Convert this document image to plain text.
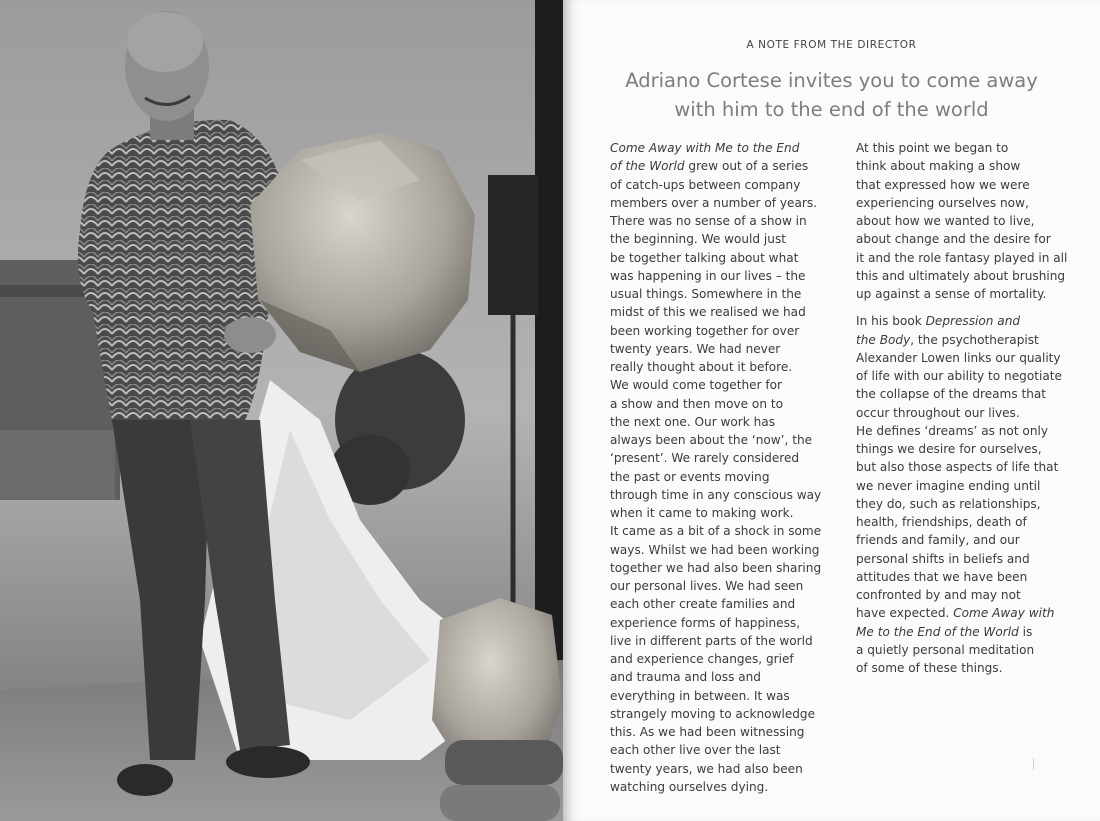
A NOTE FROM THE DIRECTOR
Adriano Cortese invites you to come away
with him to the end of the world

Come Away with Me to the End
of the World grew out of a series
of catch-ups between company
members over a number of years.
There was no sense of a show in
the beginning. We would just
be together talking about what
was happening in our lives – the
usual things. Somewhere in the
midst of this we realised we had
been working together for over
twenty years. We had never
really thought about it before.
We would come together for
a show and then move on to
the next one. Our work has
always been about the ‘now’, the
‘present’. We rarely considered
the past or events moving
through time in any conscious way
when it came to making work.
It came as a bit of a shock in some
ways. Whilst we had been working
together we had also been sharing
our personal lives. We had seen
each other create families and
experience forms of happiness,
live in different parts of the world
and experience changes, grief
and trauma and loss and
everything in between. It was
strangely moving to acknowledge
this. As we had been witnessing
each other live over the last
twenty years, we had also been
watching ourselves dying.

At this point we began to
think about making a show
that expressed how we were
experiencing ourselves now,
about how we wanted to live,
about change and the desire for
it and the role fantasy played in all
this and ultimately about brushing
up against a sense of mortality.

In his book Depression and
the Body, the psychotherapist
Alexander Lowen links our quality
of life with our ability to negotiate
the collapse of the dreams that
occur throughout our lives.
He defines ‘dreams’ as not only
things we desire for ourselves,
but also those aspects of life that
we never imagine ending until
they do, such as relationships,
health, friendships, death of
friends and family, and our
personal shifts in beliefs and
attitudes that we have been
confronted by and may not
have expected. Come Away with
Me to the End of the World is
a quietly personal meditation
of some of these things.
